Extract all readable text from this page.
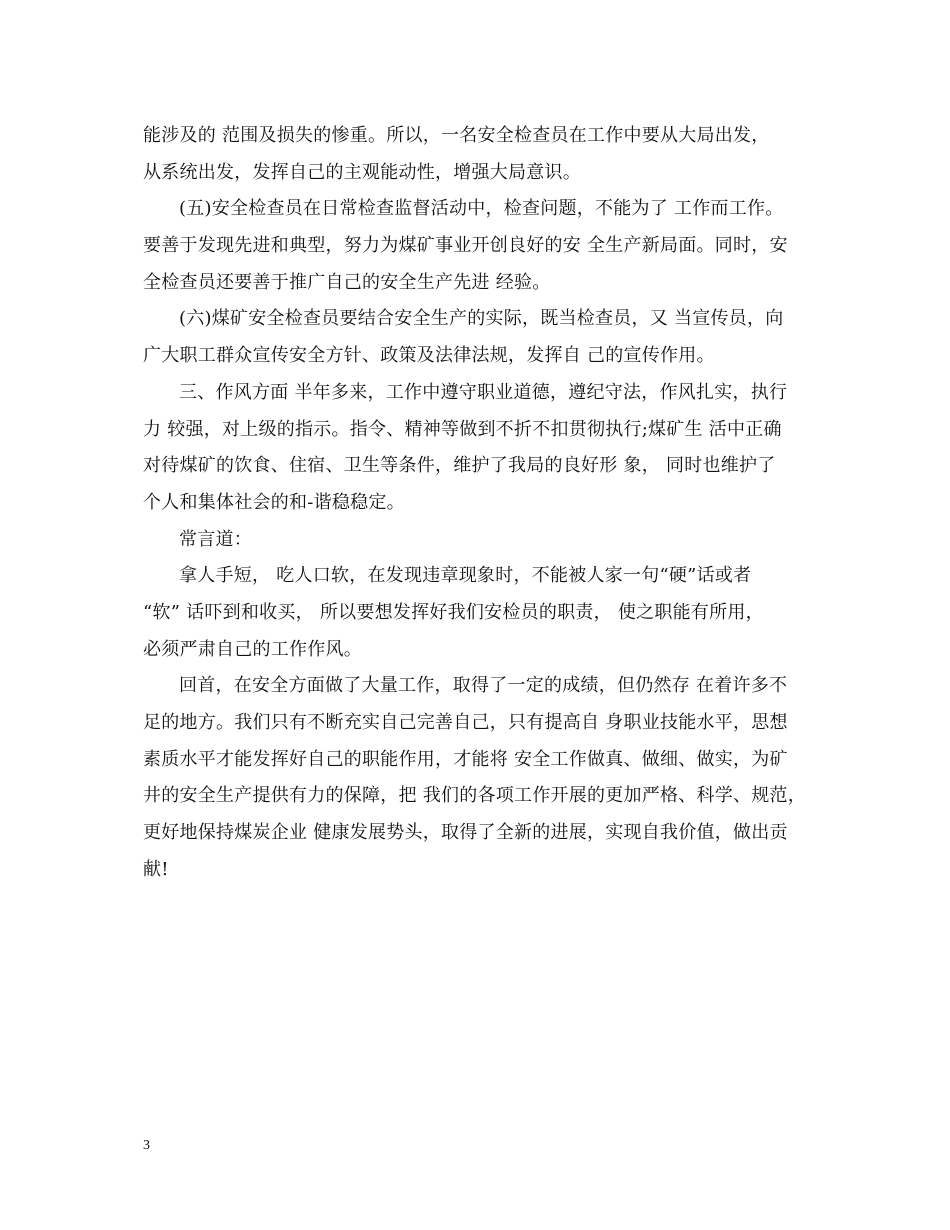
能涉及的 范围及损失的惨重。所以，一名安全检查员在工作中要从大局出发，
从系统出发，发挥自己的主观能动性，增强大局意识。
(五)安全检查员在日常检查监督活动中，检查问题，不能为了 工作而工作。
要善于发现先进和典型，努力为煤矿事业开创良好的安 全生产新局面。同时，安
全检查员还要善于推广自己的安全生产先进 经验。
(六)煤矿安全检查员要结合安全生产的实际，既当检查员，又 当宣传员，向
广大职工群众宣传安全方针、政策及法律法规，发挥自 己的宣传作用。
三、作风方面 半年多来，工作中遵守职业道德，遵纪守法，作风扎实，执行
力 较强，对上级的指示。指令、精神等做到不折不扣贯彻执行;煤矿生 活中正确
对待煤矿的饮食、住宿、卫生等条件，维护了我局的良好形 象， 同时也维护了
个人和集体社会的和-谐稳稳定。
常言道：
拿人手短， 吃人口软，在发现违章现象时，不能被人家一句“硬”话或者
“软” 话吓到和收买， 所以要想发挥好我们安检员的职责， 使之职能有所用，
必须严肃自己的工作作风。
回首，在安全方面做了大量工作，取得了一定的成绩，但仍然存 在着许多不
足的地方。我们只有不断充实自己完善自己，只有提高自 身职业技能水平，思想
素质水平才能发挥好自己的职能作用，才能将 安全工作做真、做细、做实，为矿
井的安全生产提供有力的保障，把 我们的各项工作开展的更加严格、科学、规范，
更好地保持煤炭企业 健康发展势头，取得了全新的进展，实现自我价值，做出贡
献!
3
